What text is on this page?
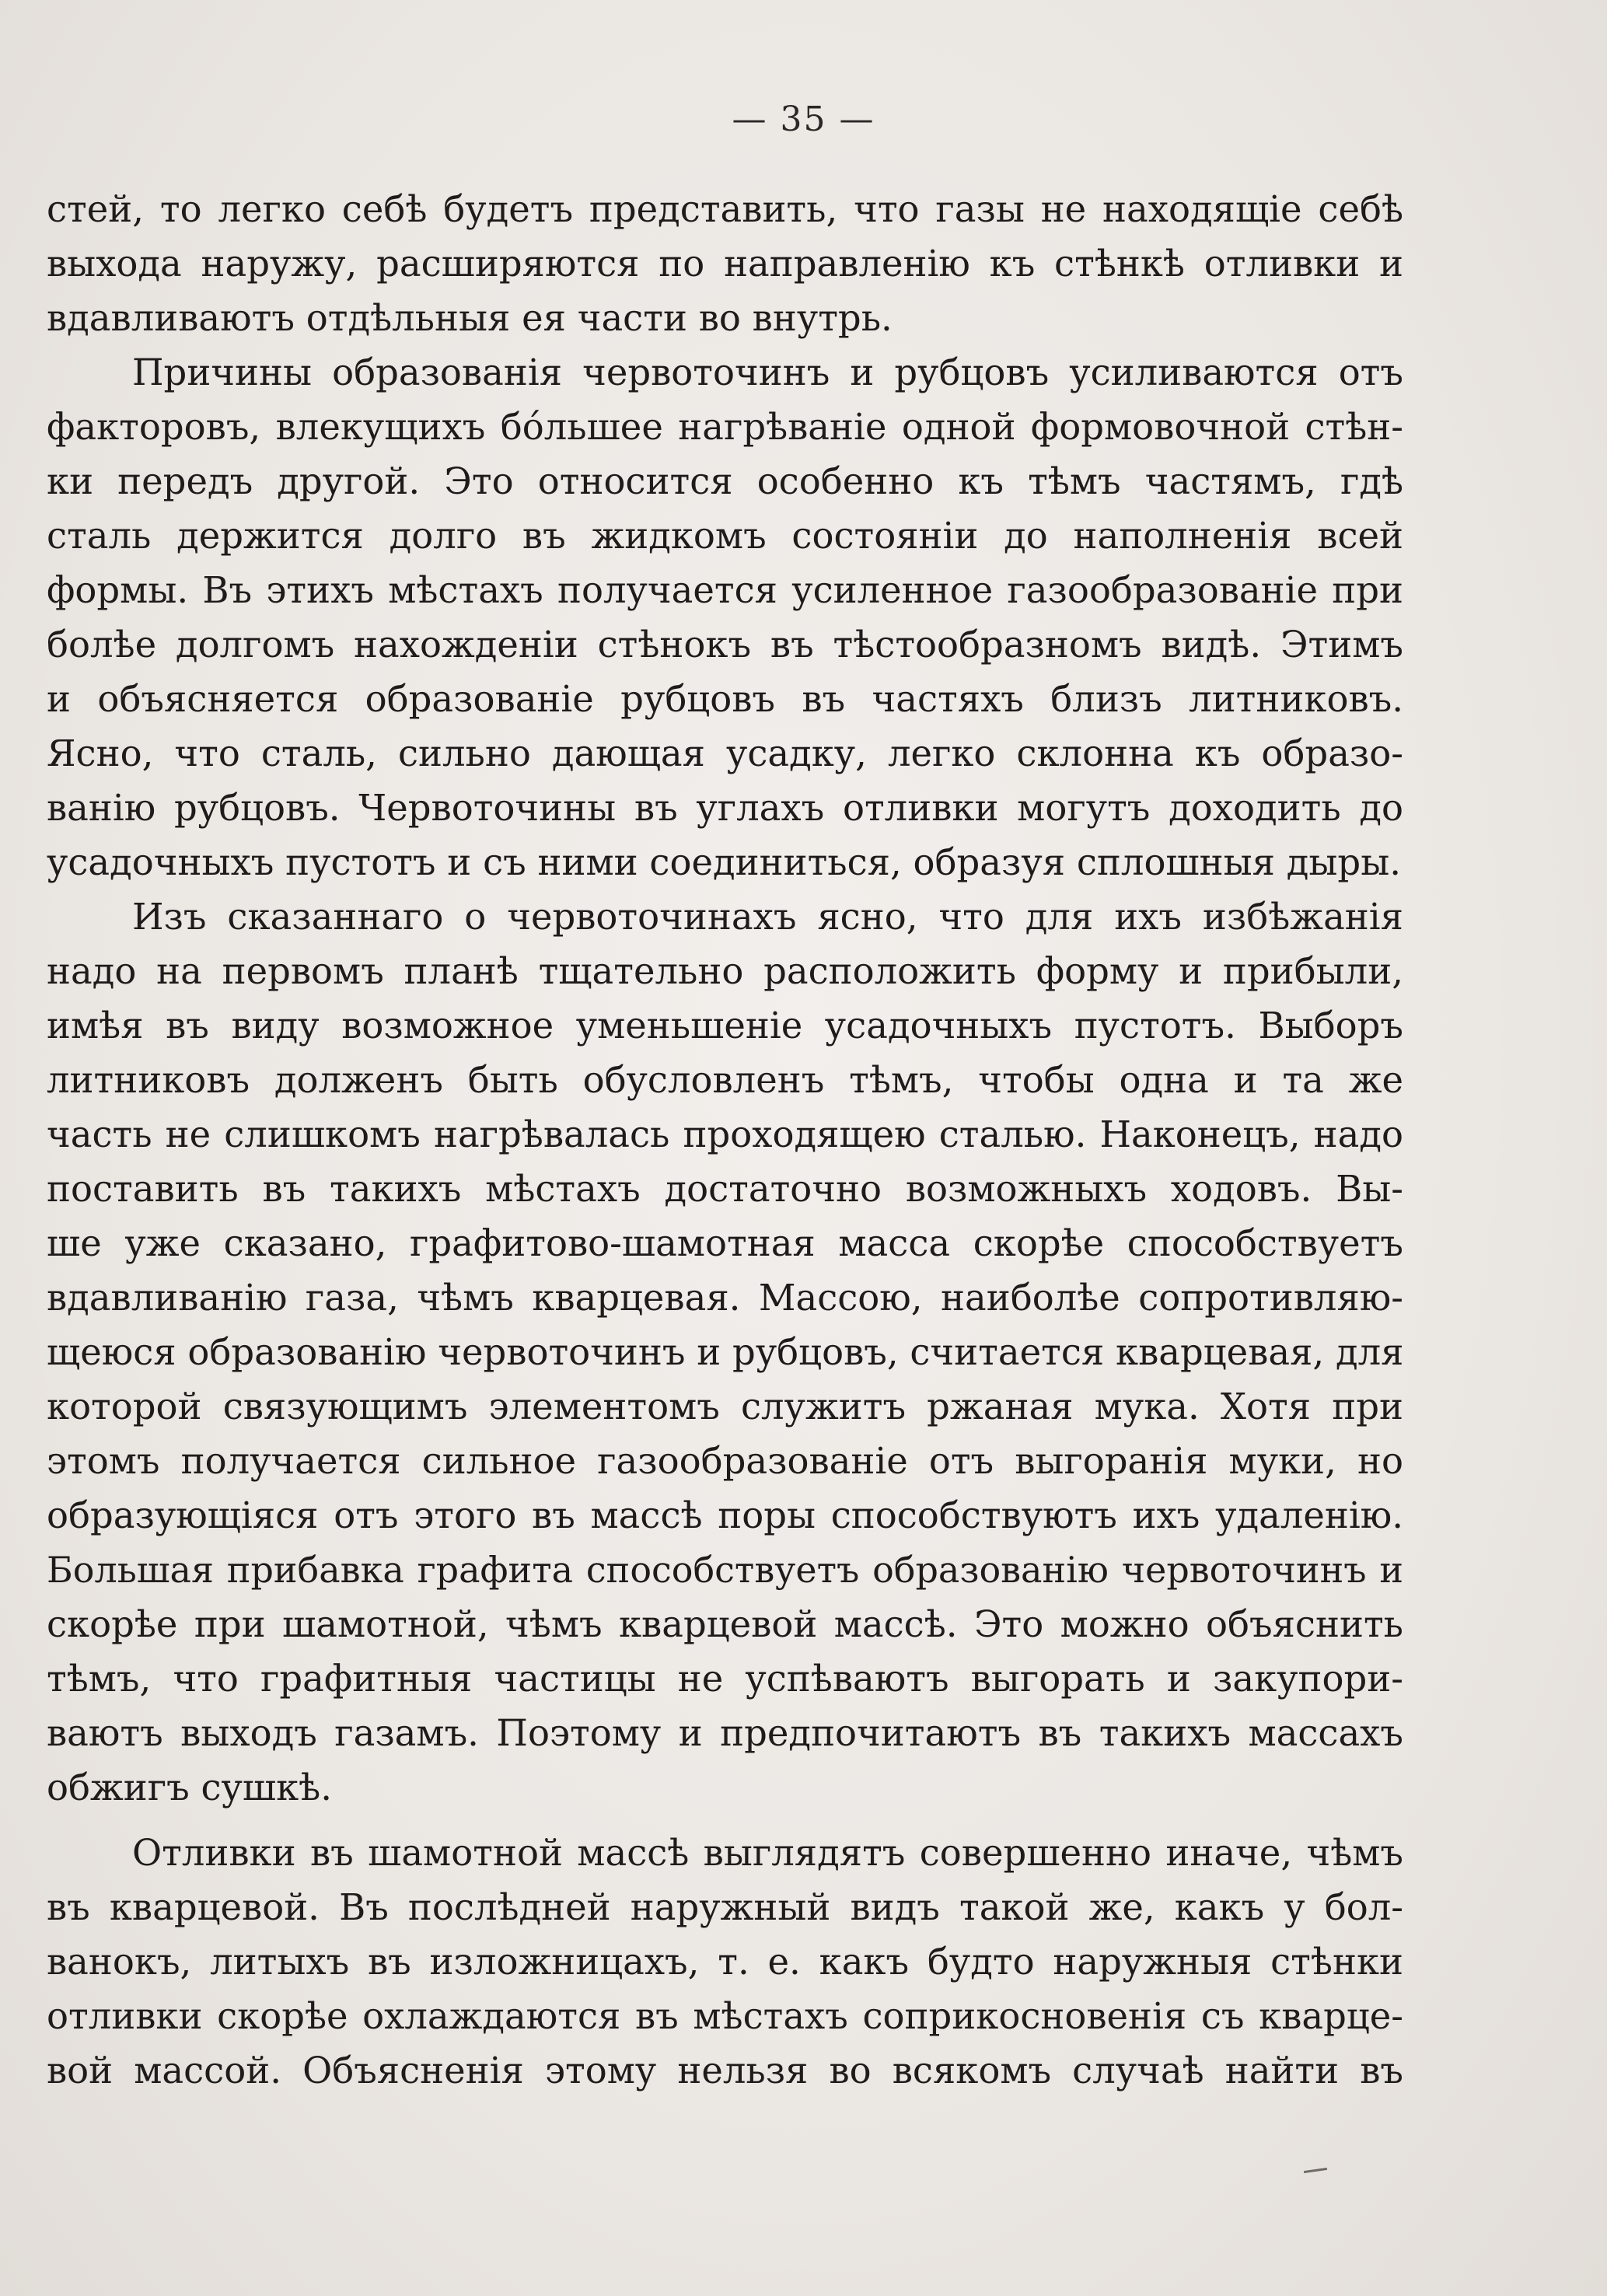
— 35 —
стей, то легко себѣ будетъ представить, что газы не находящіе себѣ
выхода наружу, расширяются по направленію къ стѣнкѣ отливки и
вдавливаютъ отдѣльныя ея части во внутрь.
Причины образованія червоточинъ и рубцовъ усиливаются отъ
факторовъ, влекущихъ бóльшее нагрѣваніе одной формовочной стѣн-
ки передъ другой. Это относится особенно къ тѣмъ частямъ, гдѣ
сталь держится долго въ жидкомъ состояніи до наполненія всей
формы. Въ этихъ мѣстахъ получается усиленное газообразованіе при
болѣе долгомъ нахожденіи стѣнокъ въ тѣстообразномъ видѣ. Этимъ
и объясняется образованіе рубцовъ въ частяхъ близъ литниковъ.
Ясно, что сталь, сильно дающая усадку, легко склонна къ образо-
ванію рубцовъ. Червоточины въ углахъ отливки могутъ доходить до
усадочныхъ пустотъ и съ ними соединиться, образуя сплошныя дыры.
Изъ сказаннаго о червоточинахъ ясно, что для ихъ избѣжанія
надо на первомъ планѣ тщательно расположить форму и прибыли,
имѣя въ виду возможное уменьшеніе усадочныхъ пустотъ. Выборъ
литниковъ долженъ быть обусловленъ тѣмъ, чтобы одна и та же
часть не слишкомъ нагрѣвалась проходящею сталью. Наконецъ, надо
поставить въ такихъ мѣстахъ достаточно возможныхъ ходовъ. Вы-
ше уже сказано, графитово-шамотная масса скорѣе способствуетъ
вдавливанію газа, чѣмъ кварцевая. Массою, наиболѣе сопротивляю-
щеюся образованію червоточинъ и рубцовъ, считается кварцевая, для
которой связующимъ элементомъ служитъ ржаная мука. Хотя при
этомъ получается сильное газообразованіе отъ выгоранія муки, но
образующіяся отъ этого въ массѣ поры способствуютъ ихъ удаленію.
Большая прибавка графита способствуетъ образованію червоточинъ и
скорѣе при шамотной, чѣмъ кварцевой массѣ. Это можно объяснить
тѣмъ, что графитныя частицы не успѣваютъ выгорать и закупори-
ваютъ выходъ газамъ. Поэтому и предпочитаютъ въ такихъ массахъ
обжигъ сушкѣ.
Отливки въ шамотной массѣ выглядятъ совершенно иначе, чѣмъ
въ кварцевой. Въ послѣдней наружный видъ такой же, какъ у бол-
ванокъ, литыхъ въ изложницахъ, т. е. какъ будто наружныя стѣнки
отливки скорѣе охлаждаются въ мѣстахъ соприкосновенія съ кварце-
вой массой. Объясненія этому нельзя во всякомъ случаѣ найти въ
